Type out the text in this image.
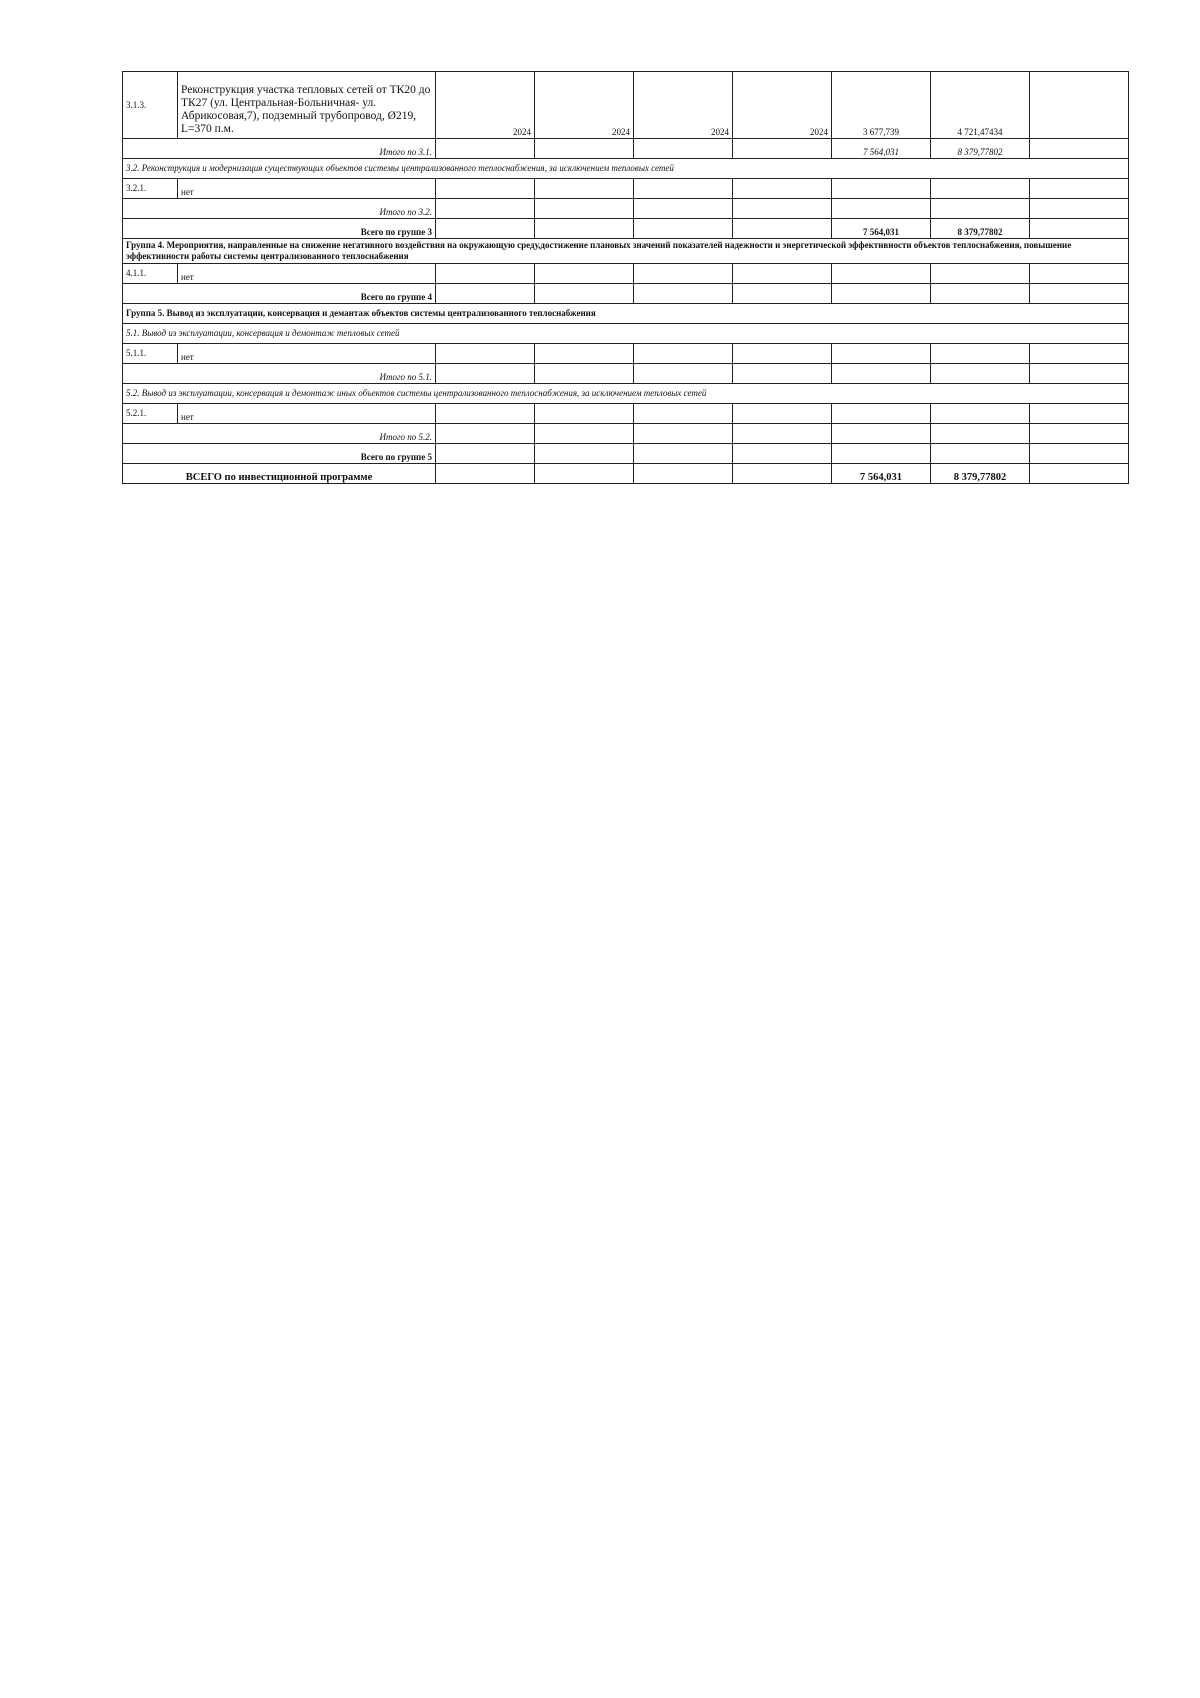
3.1.3.	Реконструкция участка тепловых сетей от ТК20 до ТК27 (ул. Центральная-Больничная- ул. Абрикосовая,7), подземный трубопровод, Ø219, L=370 п.м.	2024	2024	2024	2024	3 677,739	4 721,47434	
Итого по 3.1.						7 564,031	8 379,77802	
3.2. Реконструкция и модернизация существующих объектов системы централизованного теплоснабжения, за исключением тепловых сетей								
3.2.1.	нет							
Итого по 3.2.								
Всего по группе 3						7 564,031	8 379,77802	
Группа 4. Мероприятия, направленные на снижение негативного воздействия на окружающую среду,достижение плановых значений показателей надежности и энергетической эффективности объектов теплоснабжения, повышение эффективности работы системы централизованного теплоснабжения								
4.1.1.	нет							
Всего по группе 4								
Группа 5. Вывод из эксплуатации, консервация и демантаж объектов системы централизованного теплоснабжения								
5.1. Вывод из эксплуатации, консервация и демонтаж тепловых сетей								
5.1.1.	нет							
Итого по 5.1.								
5.2. Вывод из эксплуатации, консервация и демонтаж иных объектов системы централизованного теплоснабжения, за исключением тепловых сетей								
5.2.1.	нет							
Итого по 5.2.								
Всего по группе 5								
ВСЕГО по инвестиционной программе						7 564,031	8 379,77802	
